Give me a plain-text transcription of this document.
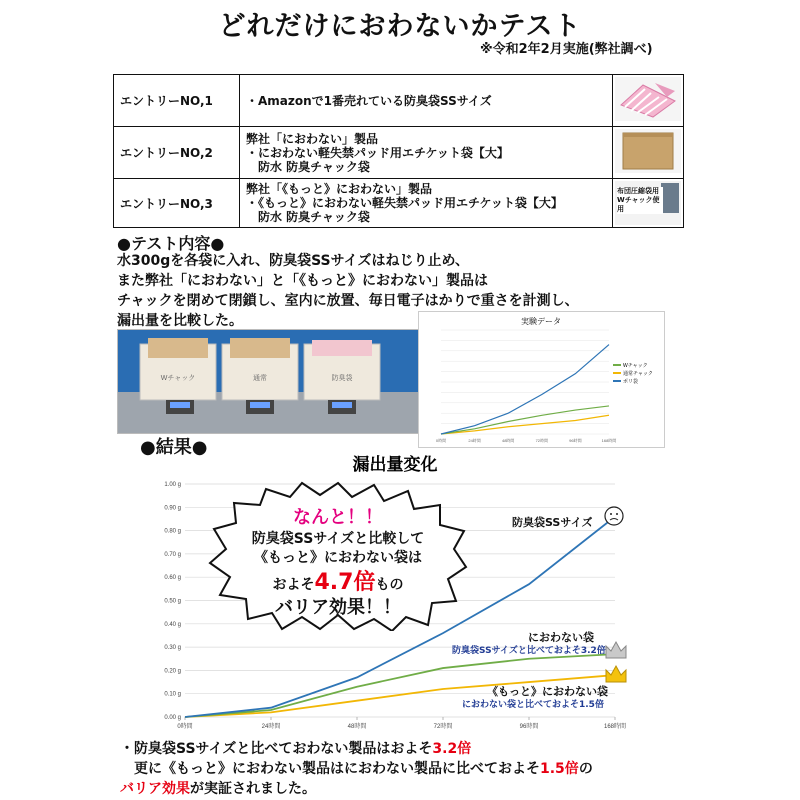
どれだけにおわないかテスト
※令和2年2月実施(弊社調べ)
エントリーNO,1	・Amazonで1番売れている防臭袋SSサイズ

エントリーNO,2	弊社「におわない」製品
・におわない軽失禁パッド用エチケット袋【大】
　防水 防臭チャック袋

エントリーNO,3	弊社「《もっと》におわない」製品
・《もっと》におわない軽失禁パッド用エチケット袋【大】
　防水 防臭チャック袋	布団圧縮袋用Wチャック使用
●テスト内容●
水300gを各袋に入れ、防臭袋SSサイズはねじり止め、
また弊社「におわない」と「《もっと》におわない」製品は
チャックを閉めて閉鎖し、室内に放置、毎日電子はかりで重さを計測し、
漏出量を比較した。
Wチャック	通常	防臭袋
実験データ
0時間	24時間	48時間	72時間	96時間	168時間
Wチャック
通常チャック
ポリ袋
●結果●
漏出量変化
0.00 g
0.10 g
0.20 g
0.30 g
0.40 g
0.50 g
0.60 g
0.70 g
0.80 g
0.90 g
1.00 g
0時間	24時間	48時間	72時間	96時間	168時間
なんと！！
防臭袋SSサイズと比較して
《もっと》におわない袋は
およそ4.7倍もの
バリア効果！！
防臭袋SSサイズ
におわない袋
防臭袋SSサイズと比べておよそ3.2倍
《もっと》におわない袋
におわない袋と比べておよそ1.5倍
・防臭袋SSサイズと比べておわない製品はおよそ3.2倍
　更に《もっと》におわない製品はにおわない製品に比べておよそ1.5倍の
バリア効果が実証されました。
